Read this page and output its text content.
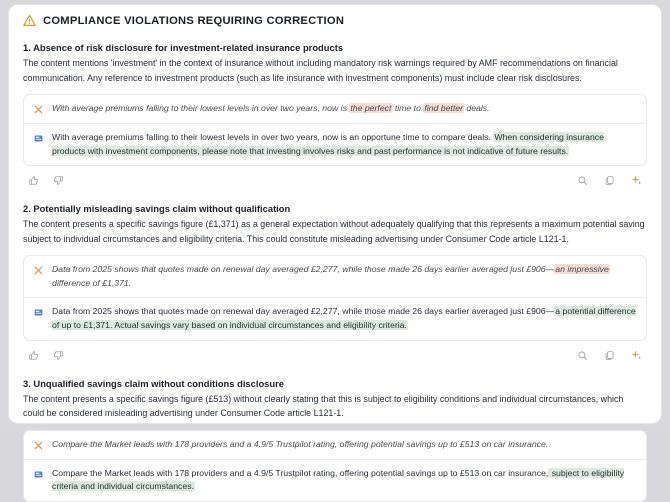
COMPLIANCE VIOLATIONS REQUIRING CORRECTION
1. Absence of risk disclosure for investment-related insurance products
The content mentions 'investment' in the context of insurance without including mandatory risk warnings required by AMF recommendations on financial communication. Any reference to investment products (such as life insurance with investment components) must include clear risk disclosures.
With average premiums falling to their lowest levels in over two years, now is the perfect time to find better deals.
With average premiums falling to their lowest levels in over two years, now is an opportune time to compare deals. When considering insurance products with investment components, please note that investing involves risks and past performance is not indicative of future results.
2. Potentially misleading savings claim without qualification
The content presents a specific savings figure (£1,371) as a general expectation without adequately qualifying that this represents a maximum potential saving subject to individual circumstances and eligibility criteria. This could constitute misleading advertising under Consumer Code article L121-1.
Data from 2025 shows that quotes made on renewal day averaged £2,277, while those made 26 days earlier averaged just £906—an impressive difference of £1,371.
Data from 2025 shows that quotes made on renewal day averaged £2,277, while those made 26 days earlier averaged just £906—a potential difference of up to £1,371. Actual savings vary based on individual circumstances and eligibility criteria.
3. Unqualified savings claim without conditions disclosure
The content presents a specific savings figure (£513) without clearly stating that this is subject to eligibility conditions and individual circumstances, which could be considered misleading advertising under Consumer Code article L121-1.
Compare the Market leads with 178 providers and a 4.9/5 Trustpilot rating, offering potential savings up to £513 on car insurance.
Compare the Market leads with 178 providers and a 4.9/5 Trustpilot rating, offering potential savings up to £513 on car insurance, subject to eligibility criteria and individual circumstances.
